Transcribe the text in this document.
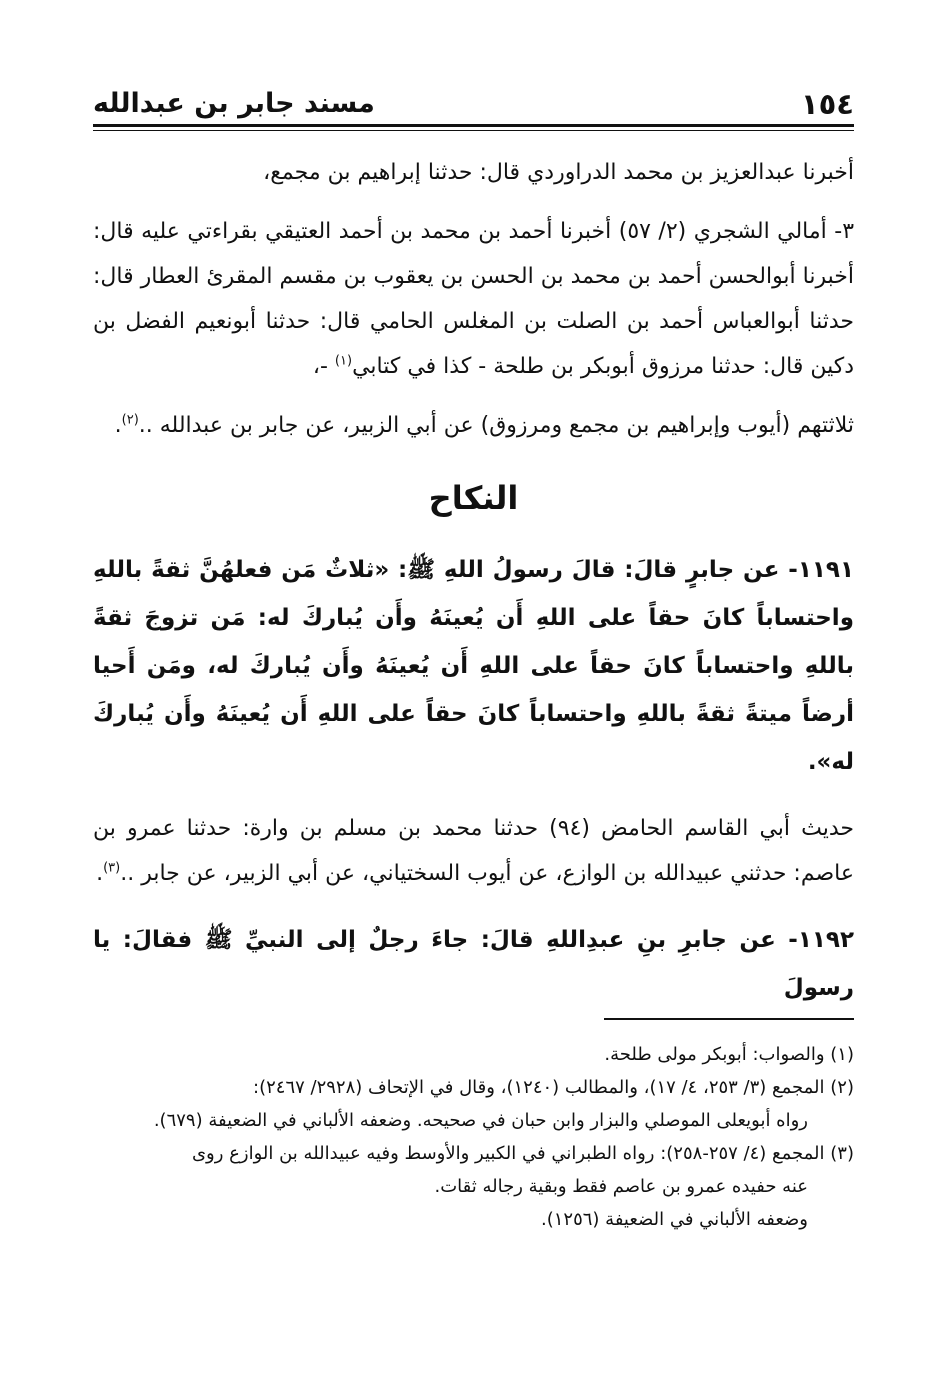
١٥٤
مسند جابر بن عبدالله

أخبرنا عبدالعزيز بن محمد الدراوردي قال: حدثنا إبراهيم بن مجمع،

٣- أمالي الشجري (٢/ ٥٧) أخبرنا أحمد بن محمد بن أحمد العتيقي بقراءتي عليه قال: أخبرنا أبوالحسن أحمد بن محمد بن الحسن بن يعقوب بن مقسم المقرئ العطار قال: حدثنا أبوالعباس أحمد بن الصلت بن المغلس الحامي قال: حدثنا أبونعيم الفضل بن دكين قال: حدثنا مرزوق أبوبكر بن طلحة - كذا في كتابي$^{(١)}$ -،

ثلاثتهم (أيوب وإبراهيم بن مجمع ومرزوق) عن أبي الزبير، عن جابر بن عبدالله ..$^{(٢)}$.

النكاح

١١٩١- عن جابرٍ قالَ: قالَ رسولُ اللهِ ﷺ: «ثلاثٌ مَن فعلهُنَّ ثقةً باللهِ واحتساباً كانَ حقاً على اللهِ أَن يُعينَهُ وأَن يُباركَ له: مَن تزوجَ ثقةً باللهِ واحتساباً كانَ حقاً على اللهِ أَن يُعينَهُ وأَن يُباركَ له، ومَن أَحيا أرضاً ميتةً ثقةً باللهِ واحتساباً كانَ حقاً على اللهِ أَن يُعينَهُ وأَن يُباركَ له».

حديث أبي القاسم الحامض (٩٤) حدثنا محمد بن مسلم بن وارة: حدثنا عمرو بن عاصم: حدثني عبيدالله بن الوازع، عن أيوب السختياني، عن أبي الزبير، عن جابر ..$^{(٣)}$.

١١٩٢- عن جابرِ بنِ عبدِاللهِ قالَ: جاءَ رجلٌ إلى النبيِّ ﷺ فقالَ: يا رسولَ

(١) والصواب: أبوبكر مولى طلحة.

(٢) المجمع (٣/ ٢٥٣، ٤/ ١٧)، والمطالب (١٢٤٠)، وقال في الإتحاف (٢٩٢٨/ ٢٤٦٧):

رواه أبويعلى الموصلي والبزار وابن حبان في صحيحه. وضعفه الألباني في الضعيفة (٦٧٩).

(٣) المجمع (٤/ ٢٥٧-٢٥٨): رواه الطبراني في الكبير والأوسط وفيه عبيدالله بن الوازع روى

عنه حفيده عمرو بن عاصم فقط وبقية رجاله ثقات.

وضعفه الألباني في الضعيفة (١٢٥٦).
